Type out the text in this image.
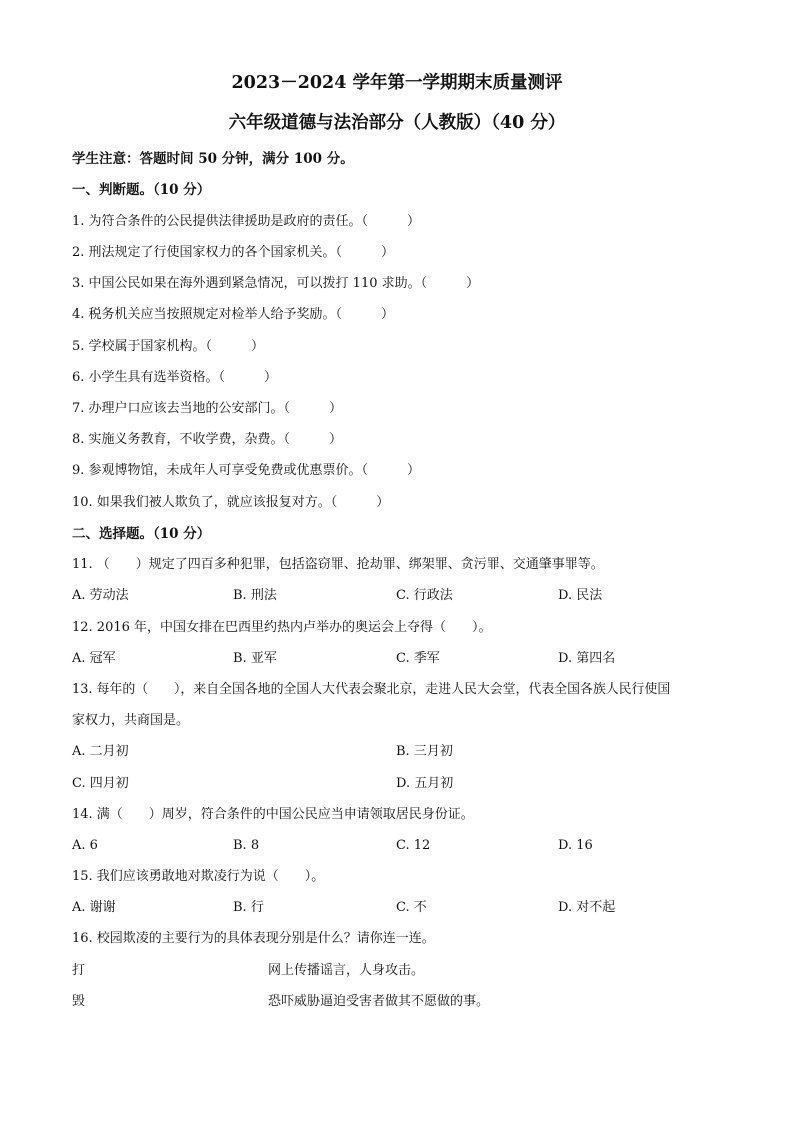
2023－2024 学年第一学期期末质量测评
六年级道德与法治部分（人教版）（40 分）
学生注意：答题时间 50 分钟，满分 100 分。
一、判断题。（10 分）
1. 为符合条件的公民提供法律援助是政府的责任。（　　　）
2. 刑法规定了行使国家权力的各个国家机关。（　　　）
3. 中国公民如果在海外遇到紧急情况，可以拨打 110 求助。（　　　）
4. 税务机关应当按照规定对检举人给予奖励。（　　　）
5. 学校属于国家机构。（　　　）
6. 小学生具有选举资格。（　　　）
7. 办理户口应该去当地的公安部门。（　　　）
8. 实施义务教育，不收学费，杂费。（　　　）
9. 参观博物馆，未成年人可享受免费或优惠票价。（　　　）
10. 如果我们被人欺负了，就应该报复对方。（　　　）
二、选择题。（10 分）
11. （　　）规定了四百多种犯罪，包括盗窃罪、抢劫罪、绑架罪、贪污罪、交通肇事罪等。
A. 劳动法	B. 刑法	C. 行政法	D. 民法
12. 2016 年，中国女排在巴西里约热内卢举办的奥运会上夺得（　　）。
A. 冠军	B. 亚军	C. 季军	D. 第四名
13. 每年的（　　），来自全国各地的全国人大代表会聚北京，走进人民大会堂，代表全国各族人民行使国
家权力，共商国是。
A. 二月初	B. 三月初
C. 四月初	D. 五月初
14. 满（　　）周岁，符合条件的中国公民应当申请领取居民身份证。
A. 6	B. 8	C. 12	D. 16
15. 我们应该勇敢地对欺凌行为说（　　）。
A. 谢谢	B. 行	C. 不	D. 对不起
16. 校园欺凌的主要行为的具体表现分别是什么？请你连一连。
打	网上传播谣言，人身攻击。
毁	恐吓威胁逼迫受害者做其不愿做的事。
